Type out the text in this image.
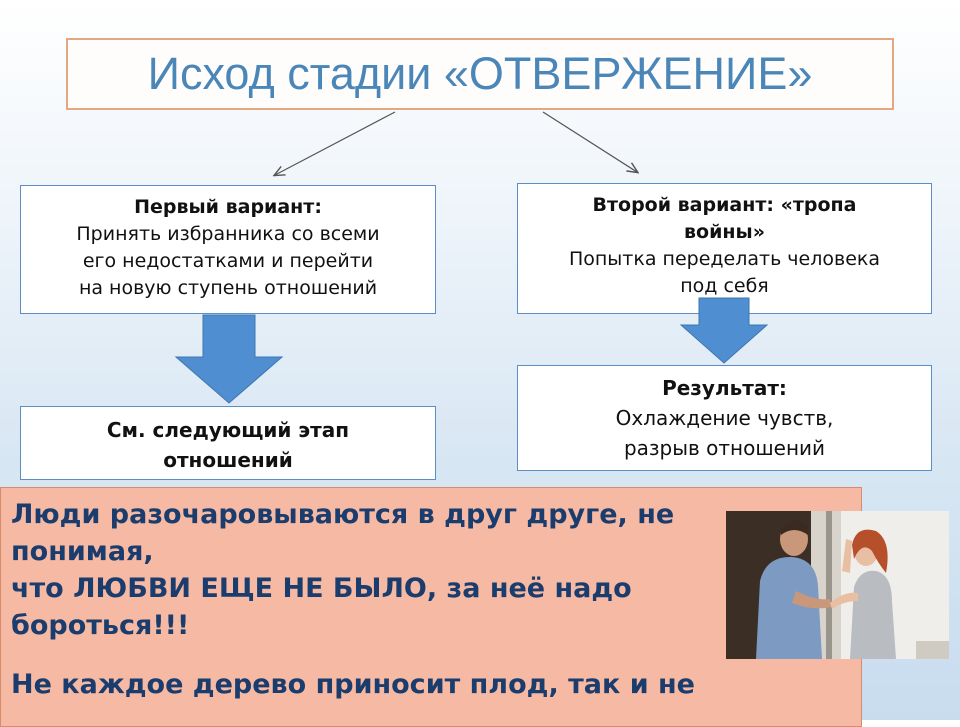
Исход стадии «ОТВЕРЖЕНИЕ»
Первый вариант:
Принять избранника со всеми
его недостатками и перейти
на новую ступень отношений
Второй вариант: «тропа
войны»
Попытка переделать человека
под себя
См. следующий этап
отношений
Результат:
Охлаждение чувств,
разрыв отношений

Люди разочаровываются в друг друге, не

понимая,

что ЛЮБВИ ЕЩЕ НЕ БЫЛО, за неё надо

бороться!!!

Не каждое дерево приносит плод, так и не
